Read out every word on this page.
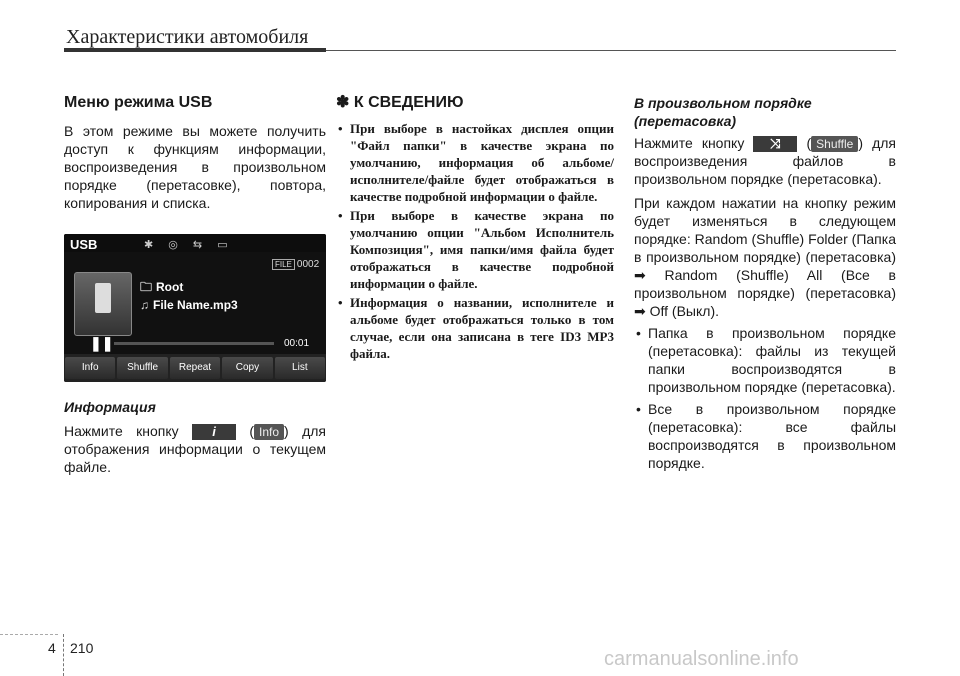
Характеристики автомобиля
Меню режима USB

В этом режиме вы можете получить доступ к функциям информации, воспроизведения в произвольном порядке (перетасовке), повтора, копирования и списка.

USB	✱ ◎ ⇆ ▭
FILE 0002
🗀 Root
♫ File Name.mp3
❚❚	00:01
Info	Shuffle	Repeat	Copy	List

Информация

Нажмите кнопку	i ( Info ) для отображения информации о текущем файле.

✽ К СВЕДЕНИЮ

• При выборе в настойках дисплея опции "Файл папки" в качестве экрана по умолчанию, информация об альбоме/исполнителе/файле будет отображаться в качестве подробной информации о файле.
• При выборе в качестве экрана по умолчанию опции "Альбом Исполнитель Композиция", имя папки/имя файла будет отображаться в качестве подробной информации о файле.
• Информация о названии, исполнителе и альбоме будет отображаться только в том случае, если она записана в теге ID3 MP3 файла.

В произвольном порядке
(перетасовка)

Нажмите кнопку ⤨ ( Shuffle ) для воспроизведения файлов в произвольном порядке (перетасовка).

При каждом нажатии на кнопку режим будет изменяться в следующем порядке: Random (Shuffle) Folder (Папка в произвольном порядке) (перетасовка) ➡ Random (Shuffle) All (Все в произвольном порядке) (перетасовка) ➡ Off (Выкл).

• Папка в произвольном порядке (перетасовка): файлы из текущей папки воспроизводятся в произвольном порядке (перетасовка).
• Все в произвольном порядке (перетасовка): все файлы воспроизводятся в произвольном порядке.
4 210	carmanualsonline.info
